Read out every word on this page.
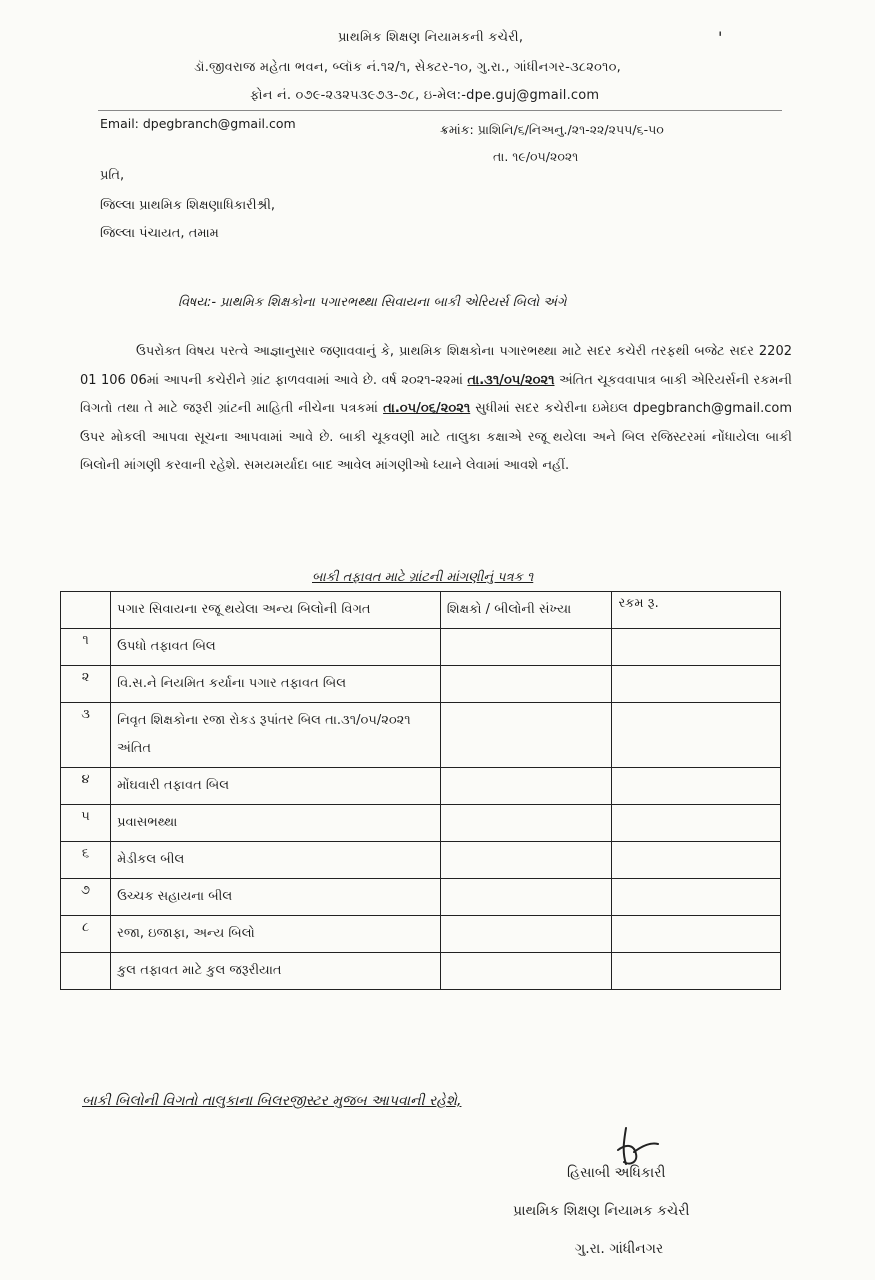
પ્રાથમિક શિક્ષણ નિયામકની કચેરી,	'
ડૉ.જીવરાજ મહેતા ભવન, બ્લૉક નં.૧૨/૧, સેક્ટર-૧૦, ગુ.રા., ગાંધીનગર-૩૮૨૦૧૦,
ફોન નં. ૦૭૯-૨૩૨૫૩૯૭૩-૭૮, ઇ-મેલ:-dpe.guj@gmail.com
Email: dpegbranch@gmail.com	ક્રમાંક: પ્રાશિનિ/૬/નિઅનુ./૨૧-૨૨/૨૫૫/૬-૫૦
તા. ૧૯/૦૫/૨૦૨૧
પ્રતિ,
જિલ્લા પ્રાથમિક શિક્ષણાધિકારીશ્રી,
જિલ્લા પંચાયત, તમામ
વિષય:- પ્રાથમિક શિક્ષકોના પગારભથ્થા સિવાયના બાકી એરિયર્સ બિલો અંગે
ઉપરોક્ત વિષય પરત્વે આજ્ઞાનુસાર જણાવવાનું કે, પ્રાથમિક શિક્ષકોના પગારભથ્થા માટે સદર કચેરી તરફથી બજેટ સદર 2202 01 106 06માં આપની કચેરીને ગ્રાંટ ફાળવવામાં આવે છે. વર્ષ ૨૦૨૧-૨૨માં તા.૩૧/૦૫/૨૦૨૧ અંતિત ચૂકવવાપાત્ર બાકી એરિયર્સની રકમની વિગતો તથા તે માટે જરૂરી ગ્રાંટની માહિતી નીચેના પત્રકમાં તા.૦૫/૦૬/૨૦૨૧ સુધીમાં સદર કચેરીના ઇમેઇલ dpegbranch@gmail.com ઉપર મોકલી આપવા સૂચના આપવામાં આવે છે. બાકી ચૂકવણી માટે તાલુકા કક્ષાએ રજૂ થયેલા અને બિલ રજિસ્ટરમાં નોંધાયેલા બાકી બિલોની માંગણી કરવાની રહેશે. સમયમર્યાદા બાદ આવેલ માંગણીઓ ધ્યાને લેવામાં આવશે નહીં.
બાકી તફાવત માટે ગ્રાંટની માંગણીનું પત્રક ૧
	પગાર સિવાયના રજૂ થયેલા અન્ય બિલોની વિગત	શિક્ષકો / બીલોની સંખ્યા	રકમ રૂ.
૧	ઉપધો તફાવત બિલ		
૨	વિ.સ.ને નિયમિત કર્યાના પગાર તફાવત બિલ		
૩	નિવૃત શિક્ષકોના રજા રોકડ રૂપાંતર બિલ તા.૩૧/૦૫/૨૦૨૧ અંતિત		
૪	મોંઘવારી તફાવત બિલ		
૫	પ્રવાસભથ્થા		
૬	મેડીકલ બીલ		
૭	ઉચ્ચક સહાયના બીલ		
૮	રજા, ઇજાફા, અન્ય બિલો		
	કુલ તફાવત માટે કુલ જરૂરીયાત		
બાકી બિલોની વિગતો તાલુકાના બિલરજીસ્ટર મુજબ આપવાની રહેશે,
હિસાબી અધિકારી
પ્રાથમિક શિક્ષણ નિયામક કચેરી
ગુ.રા. ગાંધીનગર
